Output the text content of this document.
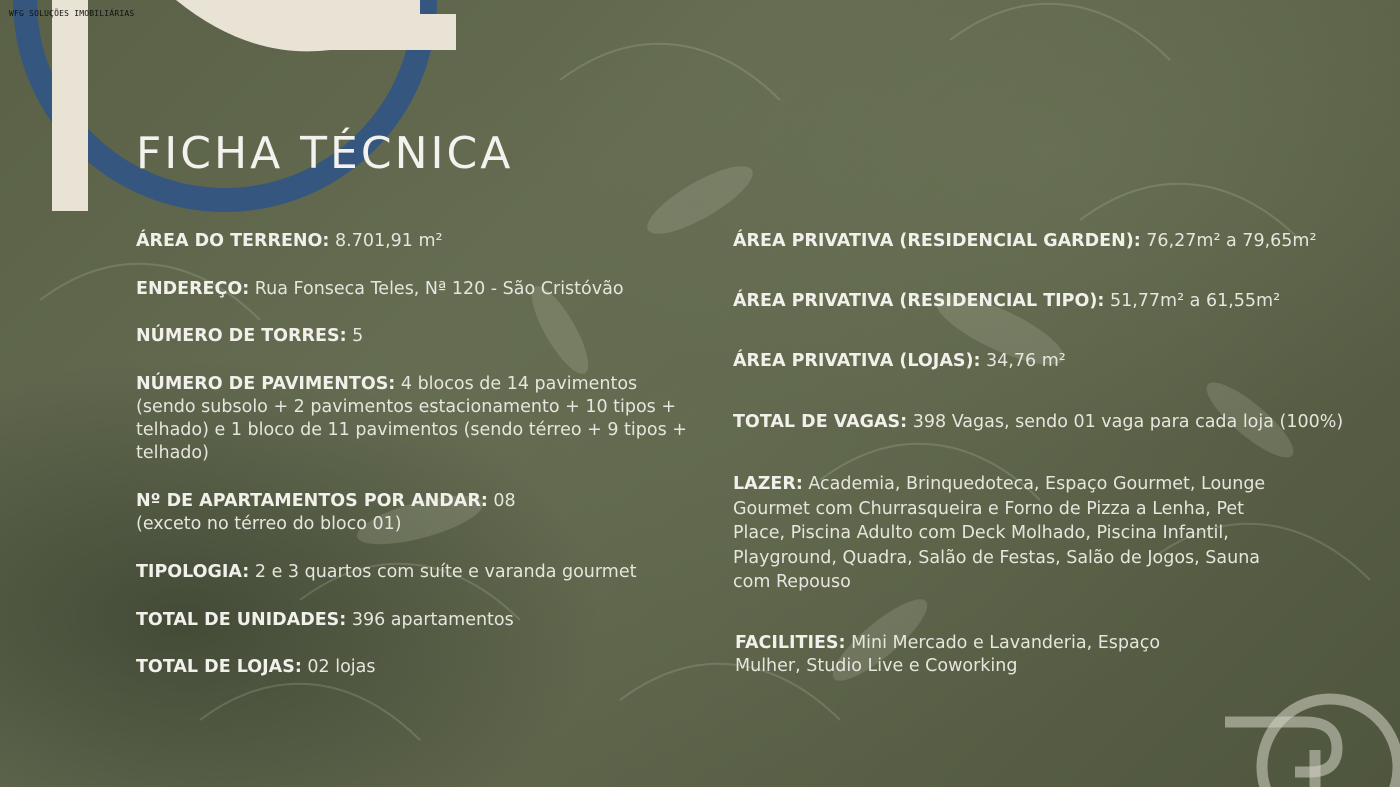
WFG SOLUÇÕES IMOBILIÁRIAS
FICHA TÉCNICA

ÁREA DO TERRENO: 8.701,91 m²

ENDEREÇO: Rua Fonseca Teles, Nª 120 - São Cristóvão

NÚMERO DE TORRES: 5

NÚMERO DE PAVIMENTOS: 4 blocos de 14 pavimentos (sendo subsolo + 2 pavimentos estacionamento + 10 tipos + telhado) e 1 bloco de 11 pavimentos (sendo térreo + 9 tipos + telhado)

Nº DE APARTAMENTOS POR ANDAR: 08
(exceto no térreo do bloco 01)

TIPOLOGIA: 2 e 3 quartos com suíte e varanda gourmet

TOTAL DE UNIDADES: 396 apartamentos

TOTAL DE LOJAS: 02 lojas

ÁREA PRIVATIVA (RESIDENCIAL GARDEN): 76,27m² a 79,65m²

ÁREA PRIVATIVA (RESIDENCIAL TIPO): 51,77m² a 61,55m²

ÁREA PRIVATIVA (LOJAS): 34,76 m²

TOTAL DE VAGAS: 398 Vagas, sendo 01 vaga para cada loja (100%)

LAZER: Academia, Brinquedoteca, Espaço Gourmet, Lounge Gourmet com Churrasqueira e Forno de Pizza a Lenha, Pet Place, Piscina Adulto com Deck Molhado, Piscina Infantil, Playground, Quadra, Salão de Festas, Salão de Jogos, Sauna com Repouso

FACILITIES: Mini Mercado e Lavanderia, Espaço Mulher, Studio Live e Coworking
